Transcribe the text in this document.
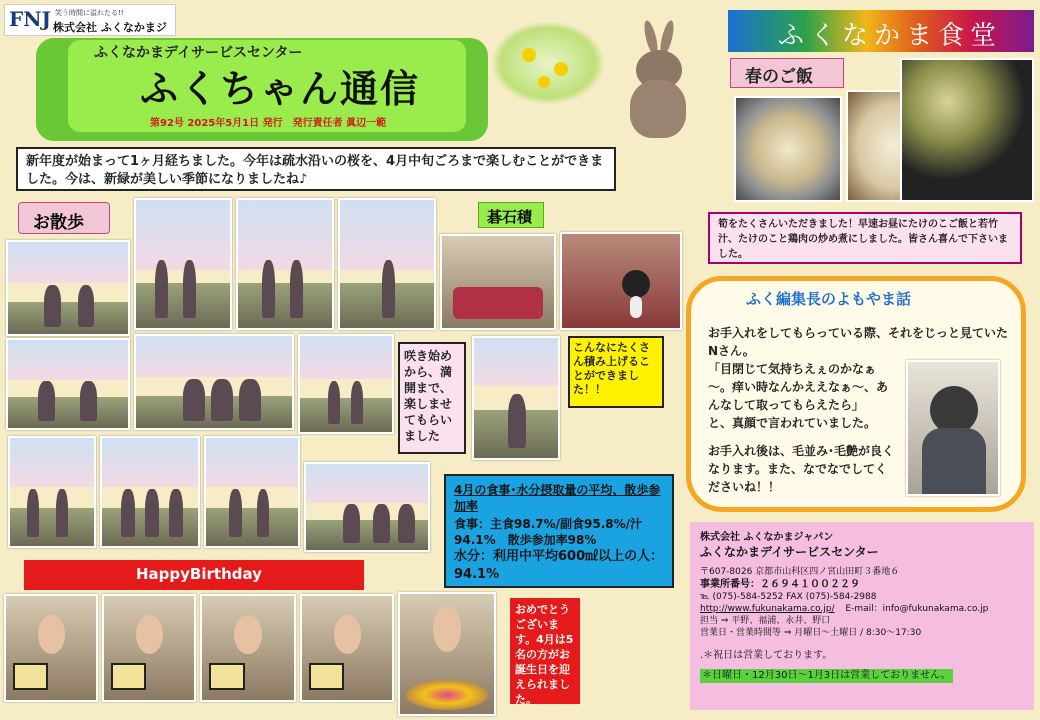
FNJ 笑う時間に溢れたる!!
株式会社 ふくなかまジ
ふくなかまデイサービスセンター
ふくちゃん通信
第92号 2025年5月1日 発行　発行責任者 眞辺一範
ふくなかま食堂
春のご飯
新年度が始まって1ヶ月経ちました。今年は疏水沿いの桜を、4月中旬ごろまで楽しむことができました。今は、新緑が美しい季節になりましたね♪
筍をたくさんいただきました！早速お昼にたけのこご飯と若竹汁、たけのこと鶏肉の炒め煮にしました。皆さん喜んで下さいました。
お散歩
咲き始めから、満開まで、楽しませてもらいました
碁石積
こんなにたくさん積み上げることができました！！
ふく編集長のよもやま話
お手入れをしてもらっている際、それをじっと見ていたNさん。
「目閉じて気持ちえぇのかなぁ～。痒い時なんかええなぁ～、あんなして取ってもらえたら」
と、真顔で言われていました。
お手入れ後は、毛並み･毛艶が良くなります。また、なでなでしてくださいね！！
4月の食事･水分摂取量の平均、散歩参加率
食事：主食98.7%/副食95.8%/汁94.1%　散歩参加率98%
水分：利用中平均600㎖以上の人：94.1%
HappyBirthday
おめでとうございます。4月は5名の方がお誕生日を迎えられました。
株式会社 ふくなかまジャパン
ふくなかまデイサービスセンター
〒607-8026 京都市山科区四ノ宮山田町３番地６
事業所番号：２６９４１００２２９
℡ (075)-584-5252 FAX (075)-584-2988
http://www.fukunakama.co.jp/ E-mail：info@fukunakama.co.jp
担当 ⇒ 平野、福浦、永井、野口
営業日・営業時間等 ⇒ 月曜日～土曜日 / 8:30～17:30
.＊祝日は営業しております。
＊日曜日・12月30日～1月3日は営業しておりません。
